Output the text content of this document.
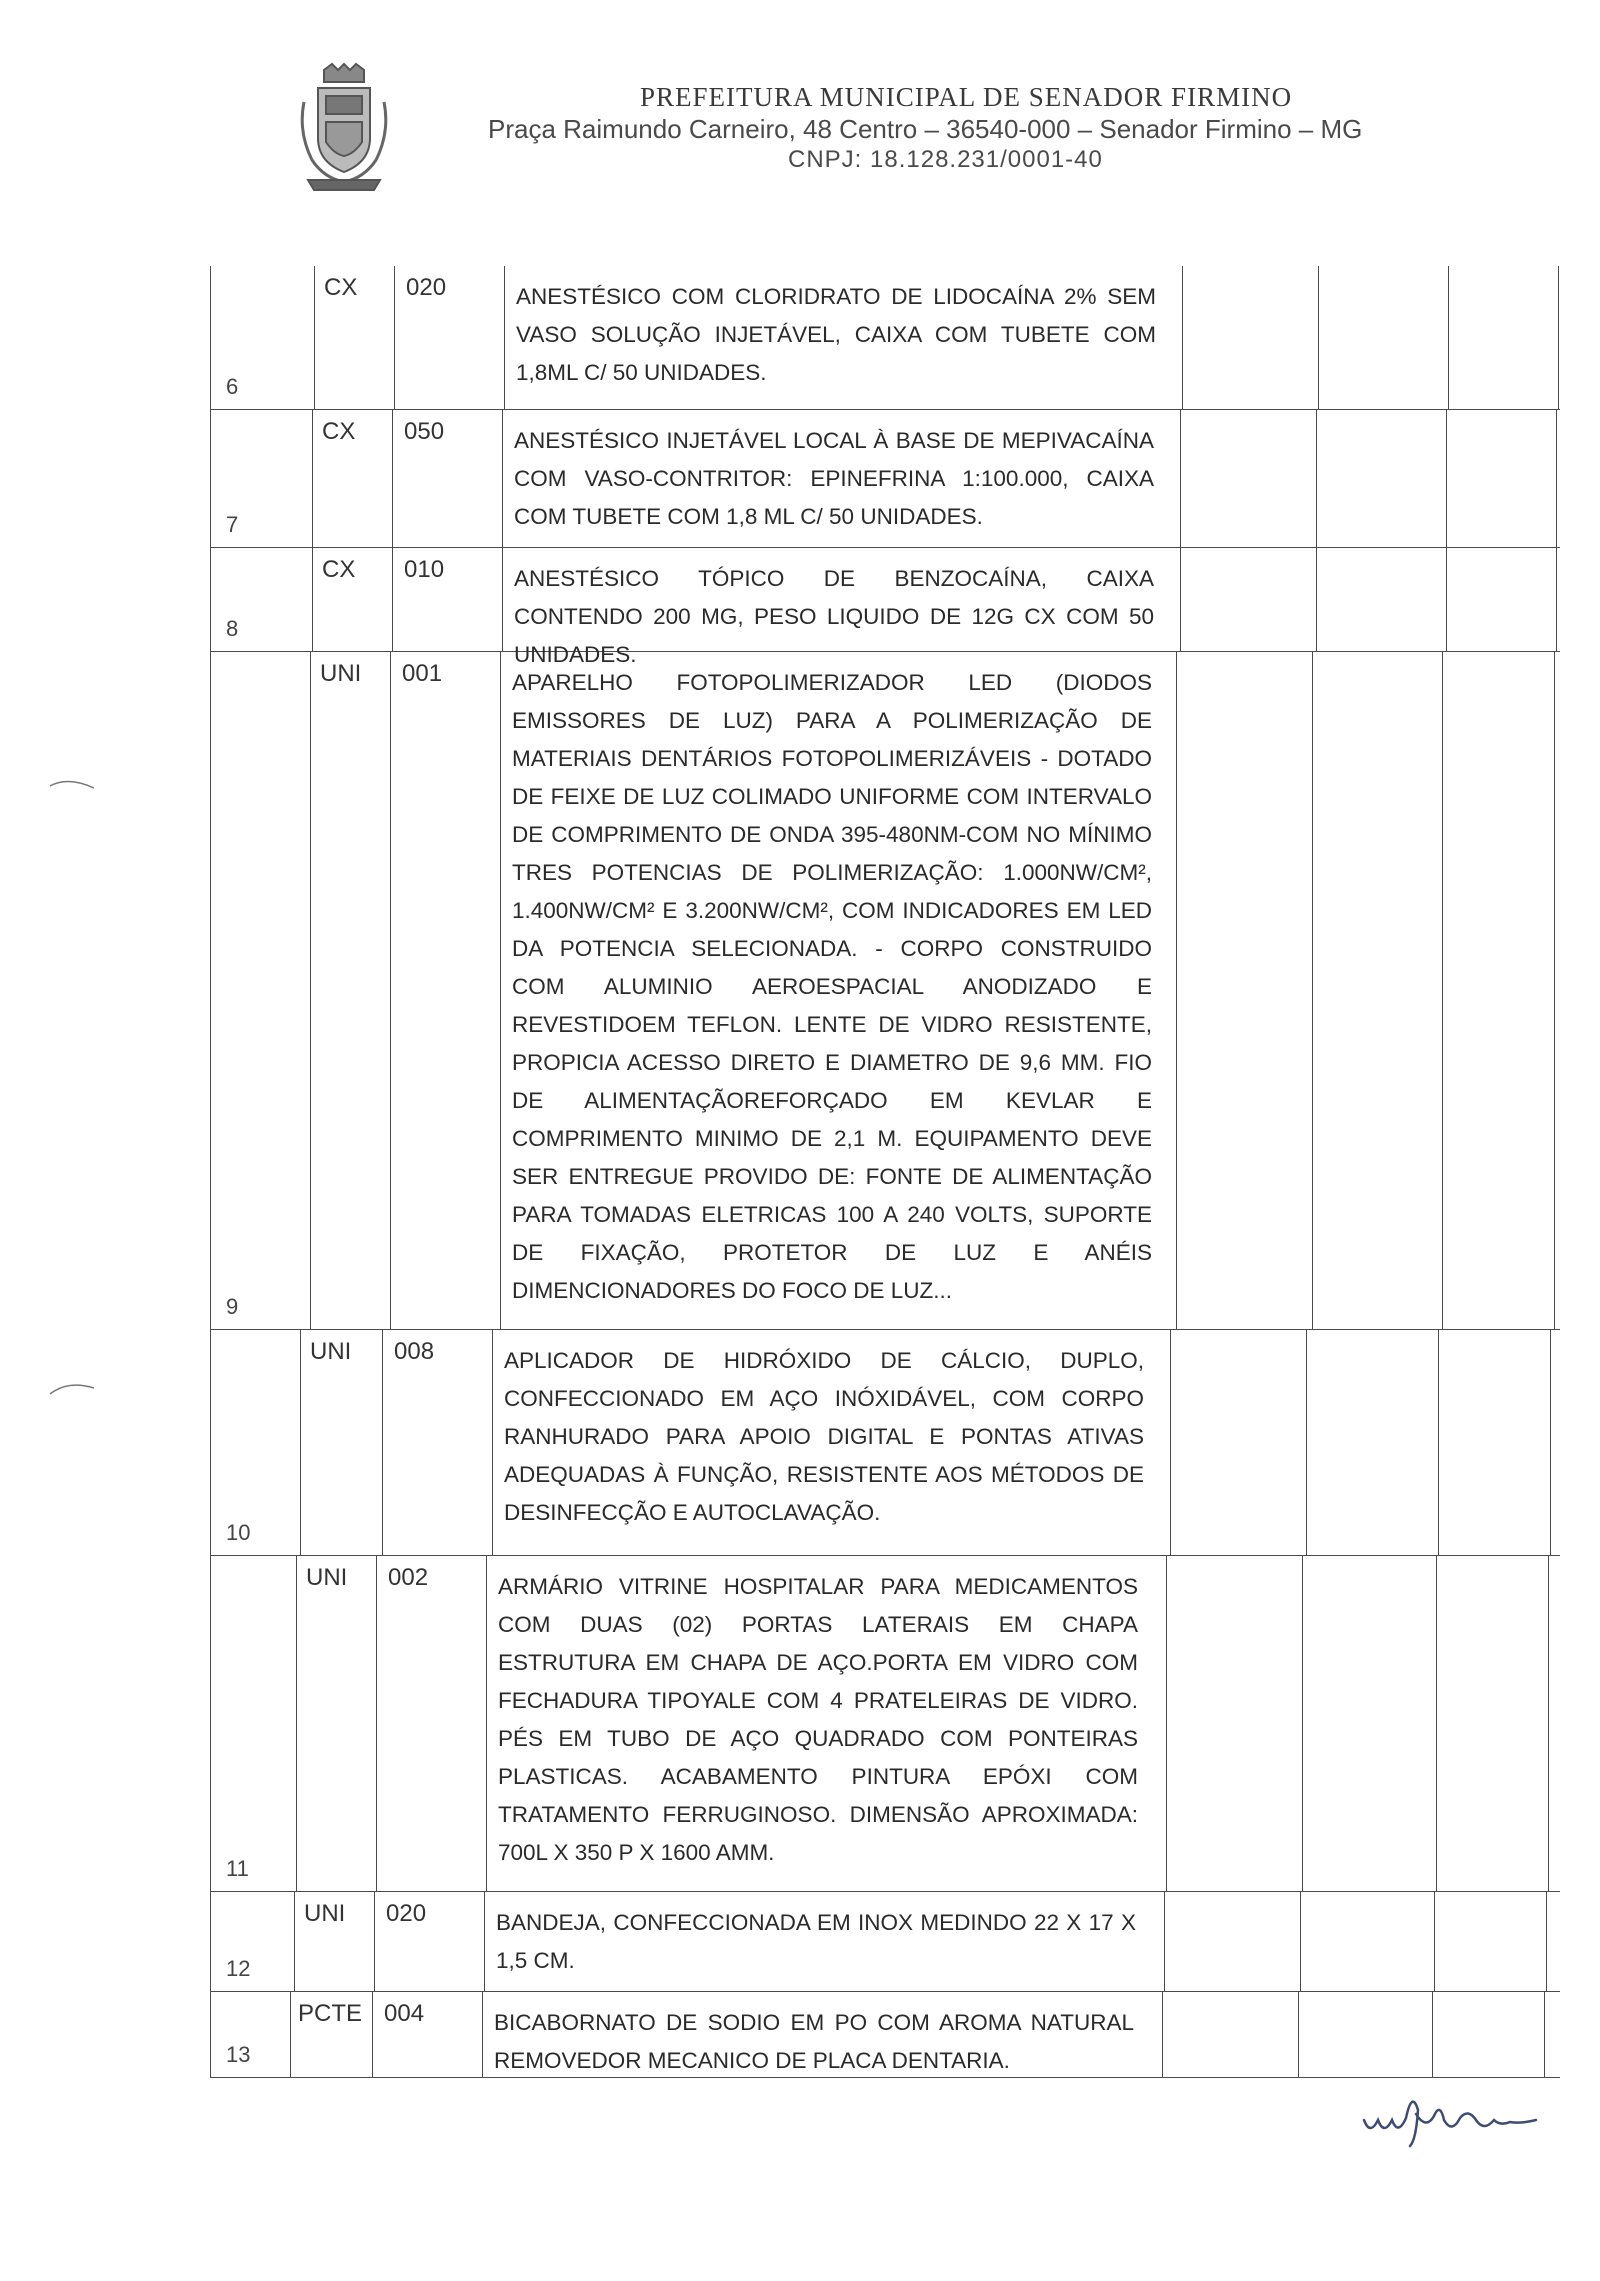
PREFEITURA MUNICIPAL DE SENADOR FIRMINO
Praça Raimundo Carneiro, 48 Centro – 36540-000 – Senador Firmino – MG
CNPJ: 18.128.231/0001-40
6
CX 020	ANESTÉSICO COM CLORIDRATO DE LIDOCAÍNA 2% SEM VASO SOLUÇÃO INJETÁVEL, CAIXA COM TUBETE COM 1,8ML C/ 50 UNIDADES.
7
CX 050	ANESTÉSICO INJETÁVEL LOCAL À BASE DE MEPIVACAÍNA COM VASO-CONTRITOR: EPINEFRINA 1:100.000, CAIXA COM TUBETE COM 1,8 ML C/ 50 UNIDADES.
8
CX 010	ANESTÉSICO TÓPICO DE BENZOCAÍNA, CAIXA CONTENDO 200 MG, PESO LIQUIDO DE 12G CX COM 50 UNIDADES.
9
UNI 001	APARELHO FOTOPOLIMERIZADOR LED (DIODOS EMISSORES DE LUZ) PARA A POLIMERIZAÇÃO DE MATERIAIS DENTÁRIOS FOTOPOLIMERIZÁVEIS - DOTADO DE FEIXE DE LUZ COLIMADO UNIFORME COM INTERVALO DE COMPRIMENTO DE ONDA 395-480NM-COM NO MÍNIMO TRES POTENCIAS DE POLIMERIZAÇÃO: 1.000NW/CM², 1.400NW/CM² E 3.200NW/CM², COM INDICADORES EM LED DA POTENCIA SELECIONADA. - CORPO CONSTRUIDO COM ALUMINIO AEROESPACIAL ANODIZADO E REVESTIDOEM TEFLON. LENTE DE VIDRO RESISTENTE, PROPICIA ACESSO DIRETO E DIAMETRO DE 9,6 MM. FIO DE ALIMENTAÇÃOREFORÇADO EM KEVLAR E COMPRIMENTO MINIMO DE 2,1 M. EQUIPAMENTO DEVE SER ENTREGUE PROVIDO DE: FONTE DE ALIMENTAÇÃO PARA TOMADAS ELETRICAS 100 A 240 VOLTS, SUPORTE DE FIXAÇÃO, PROTETOR DE LUZ E ANÉIS DIMENCIONADORES DO FOCO DE LUZ...
10
UNI 008	APLICADOR DE HIDRÓXIDO DE CÁLCIO, DUPLO, CONFECCIONADO EM AÇO INÓXIDÁVEL, COM CORPO RANHURADO PARA APOIO DIGITAL E PONTAS ATIVAS ADEQUADAS À FUNÇÃO, RESISTENTE AOS MÉTODOS DE DESINFECÇÃO E AUTOCLAVAÇÃO.
11
UNI 002	ARMÁRIO VITRINE HOSPITALAR PARA MEDICAMENTOS COM DUAS (02) PORTAS LATERAIS EM CHAPA ESTRUTURA EM CHAPA DE AÇO.PORTA EM VIDRO COM FECHADURA TIPOYALE COM 4 PRATELEIRAS DE VIDRO. PÉS EM TUBO DE AÇO QUADRADO COM PONTEIRAS PLASTICAS. ACABAMENTO PINTURA EPÓXI COM TRATAMENTO FERRUGINOSO. DIMENSÃO APROXIMADA: 700L X 350 P X 1600 AMM.
12
UNI 020	BANDEJA, CONFECCIONADA EM INOX MEDINDO 22 X 17 X 1,5 CM.
13
PCTE 004	BICABORNATO DE SODIO EM PO COM AROMA NATURAL REMOVEDOR MECANICO DE PLACA DENTARIA.
